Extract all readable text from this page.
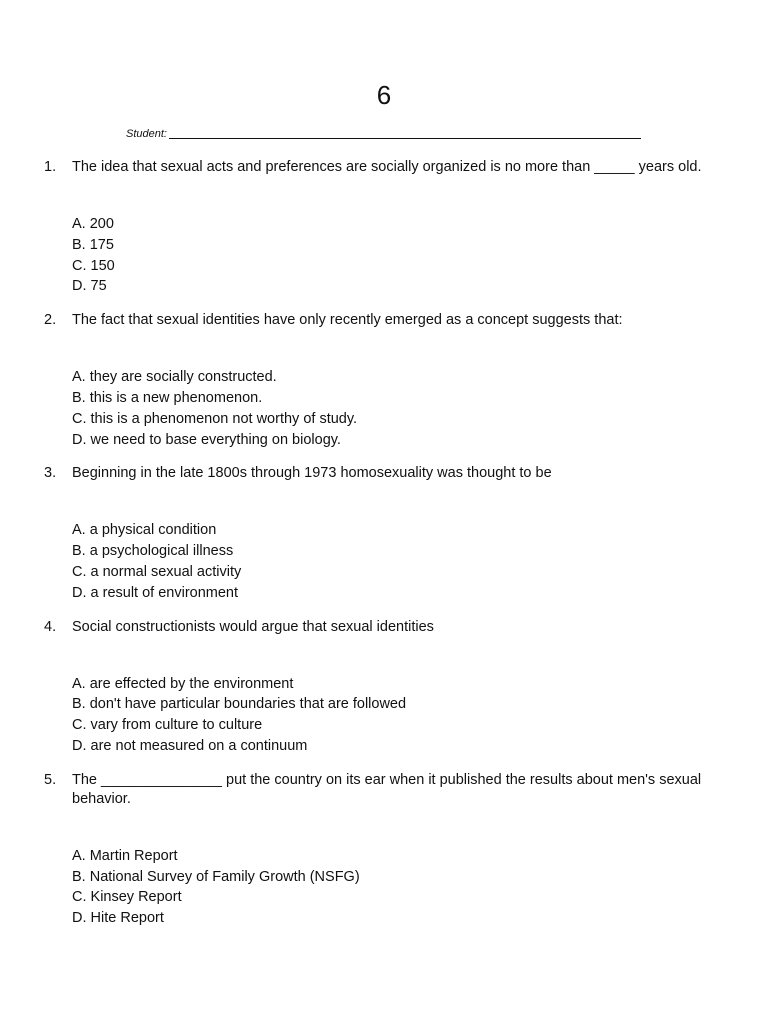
6
Student:
1.	The idea that sexual acts and preferences are socially organized is no more than _____ years old.
A. 200
B. 175
C. 150
D. 75
2.	The fact that sexual identities have only recently emerged as a concept suggests that:
A. they are socially constructed.
B. this is a new phenomenon.
C. this is a phenomenon not worthy of study.
D. we need to base everything on biology.
3.	Beginning in the late 1800s through 1973 homosexuality was thought to be
A. a physical condition
B. a psychological illness
C. a normal sexual activity
D. a result of environment
4.	Social constructionists would argue that sexual identities
A. are effected by the environment
B. don't have particular boundaries that are followed
C. vary from culture to culture
D. are not measured on a continuum
5.	The _______________ put the country on its ear when it published the results about men's sexual behavior.
A. Martin Report
B. National Survey of Family Growth (NSFG)
C. Kinsey Report
D. Hite Report
